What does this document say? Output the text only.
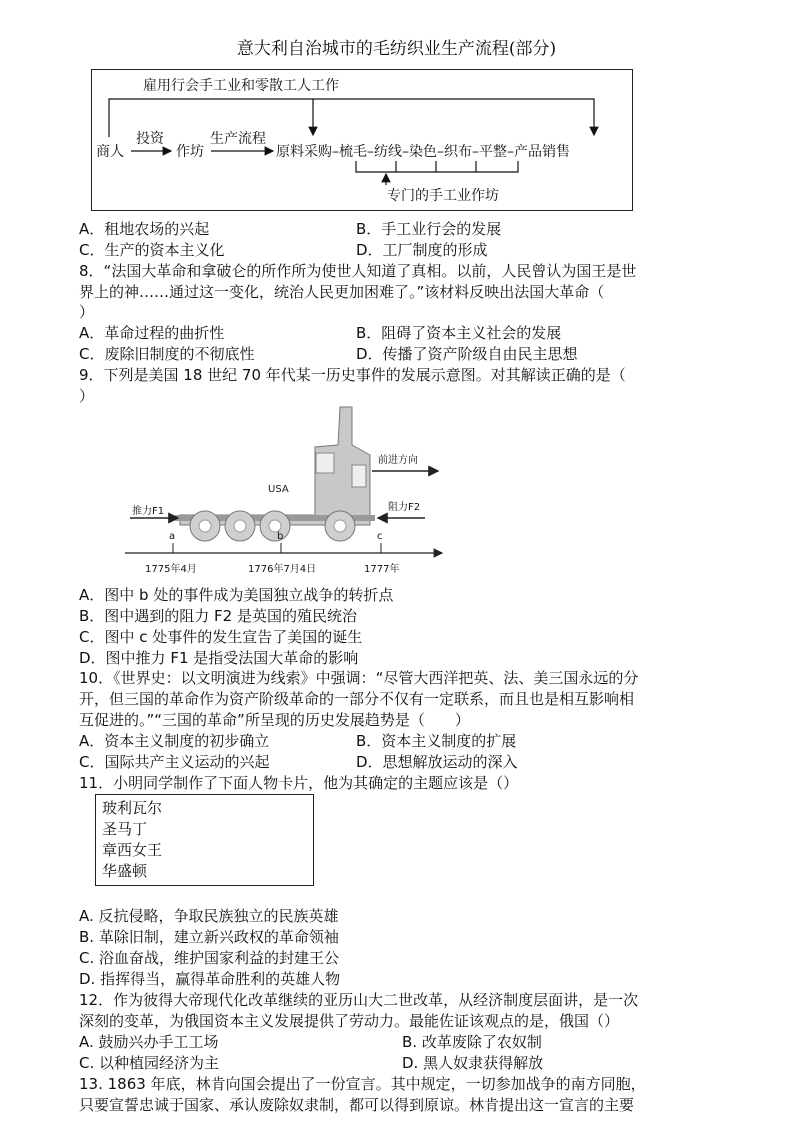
意大利自治城市的毛纺织业生产流程(部分)
雇用行会手工业和零散工人工作
商人
投资
作坊
生产流程
原料采购–梳毛–纺线–染色–织布–平整–产品销售
专门的手工业作坊
A．租地农场的兴起	B．手工业行会的发展
C．生产的资本主义化	D．工厂制度的形成
8．“法国大革命和拿破仑的所作所为使世人知道了真相。以前，人民曾认为国王是世
界上的神……通过这一变化，统治人民更加困难了。”该材料反映出法国大革命（
）
A．革命过程的曲折性	B．阻碍了资本主义社会的发展
C．废除旧制度的不彻底性	D．传播了资产阶级自由民主思想
9．下列是美国 18 世纪 70 年代某一历史事件的发展示意图。对其解读正确的是（
）
推力F1	阻力F2
前进方向
USA
a	b	c
1775年4月	1776年7月4日	1777年
A．图中 b 处的事件成为美国独立战争的转折点
B．图中遇到的阻力 F2 是英国的殖民统治
C．图中 c 处事件的发生宣告了美国的诞生
D．图中推力 F1 是指受法国大革命的影响
10．《世界史：以文明演进为线索》中强调：“尽管大西洋把英、法、美三国永远的分
开，但三国的革命作为资产阶级革命的一部分不仅有一定联系，而且也是相互影响相
互促进的。”“三国的革命”所呈现的历史发展趋势是（　　）
A．资本主义制度的初步确立	B．资本主义制度的扩展
C．国际共产主义运动的兴起	D．思想解放运动的深入
11．小明同学制作了下面人物卡片，他为其确定的主题应该是（）
玻利瓦尔
圣马丁
章西女王
华盛顿
A. 反抗侵略，争取民族独立的民族英雄
B. 革除旧制，建立新兴政权的革命领袖
C. 浴血奋战，维护国家利益的封建王公
D. 指挥得当，赢得革命胜利的英雄人物
12．作为彼得大帝现代化改革继续的亚历山大二世改革，从经济制度层面讲，是一次
深刻的变革，为俄国资本主义发展提供了劳动力。最能佐证该观点的是，俄国（）
A. 鼓励兴办手工工场	B. 改革废除了农奴制
C. 以种植园经济为主	D. 黑人奴隶获得解放
13. 1863 年底，林肯向国会提出了一份宣言。其中规定，一切参加战争的南方同胞，
只要宣誓忠诚于国家、承认废除奴隶制，都可以得到原谅。林肯提出这一宣言的主要
